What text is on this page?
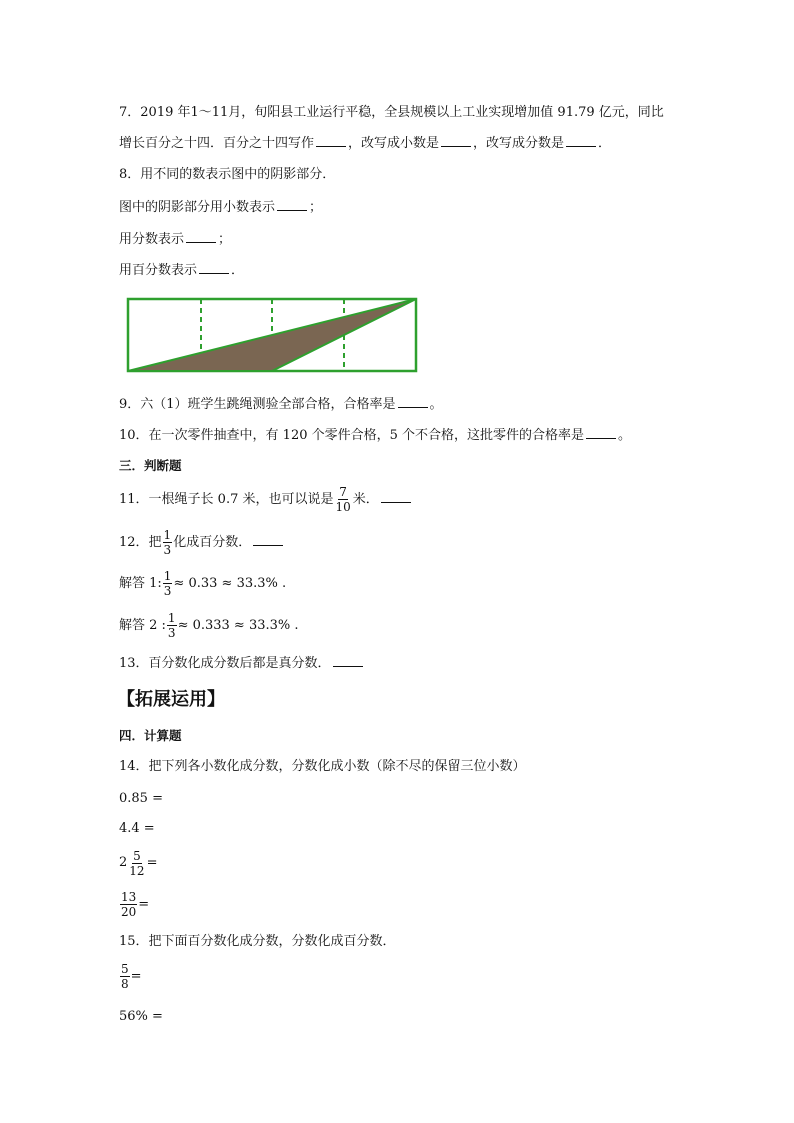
7．2019 年1～11月，旬阳县工业运行平稳，全县规模以上工业实现增加值 91.79 亿元，同比
增长百分之十四．百分之十四写作	，改写成小数是	，改写成分数是	．
8．用不同的数表示图中的阴影部分．
图中的阴影部分用小数表示	；
用分数表示	；
用百分数表示	．
9．六（1）班学生跳绳测验全部合格，合格率是	。
10．在一次零件抽查中，有 120 个零件合格，5 个不合格，这批零件的合格率是	。
三．判断题
11．一根绳子长 0.7 米，也可以说是 $\frac{7}{10}$ 米．
12．把 $\frac{1}{3}$ 化成百分数．
解答 1: $\frac{1}{3} \approx 0.33 \approx 33.3\%$ .
解答 2 : $\frac{1}{3} \approx 0.333 \approx 33.3\%$ .
13．百分数化成分数后都是真分数．
【拓展运用】
四．计算题
14．把下列各小数化成分数，分数化成小数（除不尽的保留三位小数）
0.85 =
4.4 =
$2 \frac{5}{12}$ =
$\frac{13}{20}$ =
15．把下面百分数化成分数，分数化成百分数．
$\frac{5}{8}$ =
56% =
